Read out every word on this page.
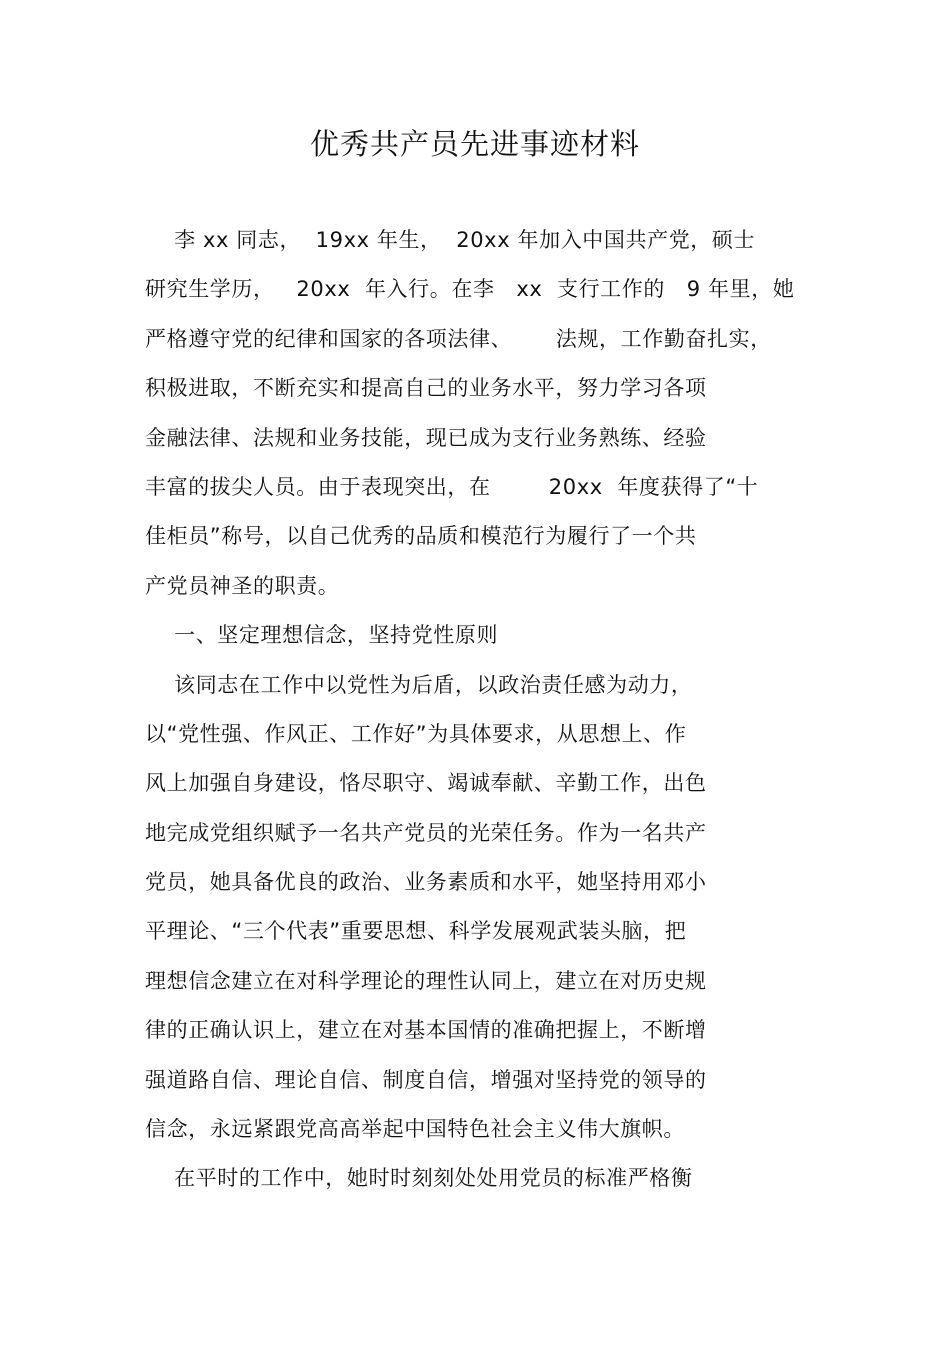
优秀共产员先进事迹材料
李 xx 同志，  19xx 年生，  20xx 年加入中国共产党，硕士
研究生学历，   20xx  年入行。在李   xx  支行工作的   9 年里，她
严格遵守党的纪律和国家的各项法律、      法规，工作勤奋扎实，
积极进取，不断充实和提高自己的业务水平，努力学习各项
金融法律、法规和业务技能，现已成为支行业务熟练、经验
丰富的拔尖人员。由于表现突出，在        20xx  年度获得了“十
佳柜员”称号，以自己优秀的品质和模范行为履行了一个共
产党员神圣的职责。
一、坚定理想信念，坚持党性原则
该同志在工作中以党性为后盾，以政治责任感为动力，
以“党性强、作风正、工作好”为具体要求，从思想上、作
风上加强自身建设，恪尽职守、竭诚奉献、辛勤工作，出色
地完成党组织赋予一名共产党员的光荣任务。作为一名共产
党员，她具备优良的政治、业务素质和水平，她坚持用邓小
平理论、“三个代表”重要思想、科学发展观武装头脑，把
理想信念建立在对科学理论的理性认同上，建立在对历史规
律的正确认识上，建立在对基本国情的准确把握上，不断增
强道路自信、理论自信、制度自信，增强对坚持党的领导的
信念，永远紧跟党高高举起中国特色社会主义伟大旗帜。
在平时的工作中，她时时刻刻处处用党员的标准严格衡
